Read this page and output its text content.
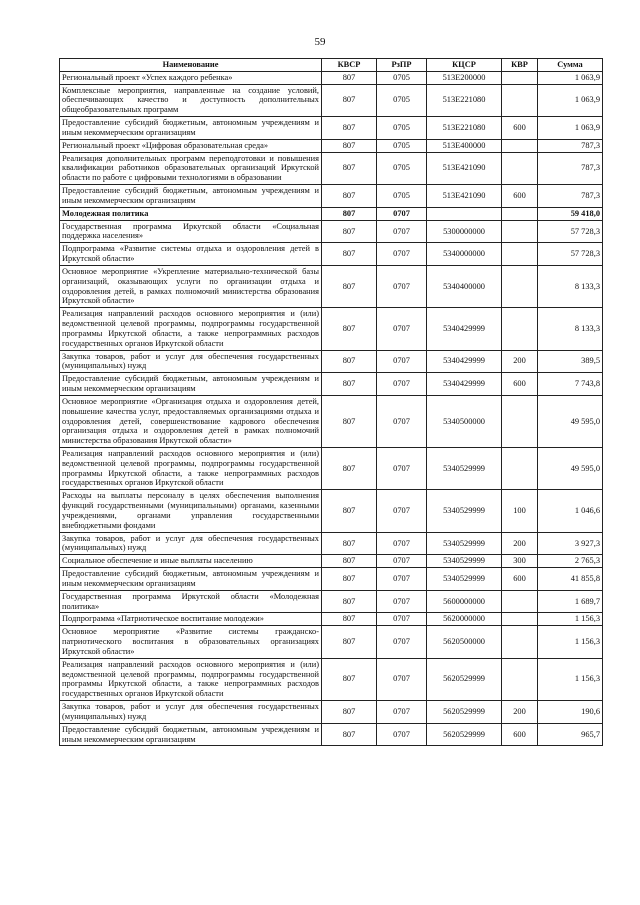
59
Наименование	КВСР	РзПР	КЦСР	КВР	Сумма
Региональный проект «Успех каждого ребенка»	807	0705	513E200000		1 063,9
Комплексные мероприятия, направленные на создание условий, обеспечивающих качество и доступность дополнительных общеобразовательных программ	807	0705	513E221080		1 063,9
Предоставление субсидий бюджетным, автономным учреждениям и иным некоммерческим организациям	807	0705	513E221080	600	1 063,9
Региональный проект «Цифровая образовательная среда»	807	0705	513E400000		787,3
Реализация дополнительных программ переподготовки и повышения квалификации работников образовательных организаций Иркутской области по работе с цифровыми технологиями в образовании	807	0705	513E421090		787,3
Предоставление субсидий бюджетным, автономным учреждениям и иным некоммерческим организациям	807	0705	513E421090	600	787,3
Молодежная политика	807	0707			59 418,0
Государственная программа Иркутской области «Социальная поддержка населения»	807	0707	5300000000		57 728,3
Подпрограмма «Развитие системы отдыха и оздоровления детей в Иркутской области»	807	0707	5340000000		57 728,3
Основное мероприятие «Укрепление материально-технической базы организаций, оказывающих услуги по организации отдыха и оздоровления детей, в рамках полномочий министерства образования Иркутской области»	807	0707	5340400000		8 133,3
Реализация направлений расходов основного мероприятия и (или) ведомственной целевой программы, подпрограммы государственной программы Иркутской области, а также непрограммных расходов государственных органов Иркутской области	807	0707	5340429999		8 133,3
Закупка товаров, работ и услуг для обеспечения государственных (муниципальных) нужд	807	0707	5340429999	200	389,5
Предоставление субсидий бюджетным, автономным учреждениям и иным некоммерческим организациям	807	0707	5340429999	600	7 743,8
Основное мероприятие «Организация отдыха и оздоровления детей, повышение качества услуг, предоставляемых организациями отдыха и оздоровления детей, совершенствование кадрового обеспечения организация отдыха и оздоровления детей в рамках полномочий министерства образования Иркутской области»	807	0707	5340500000		49 595,0
Реализация направлений расходов основного мероприятия и (или) ведомственной целевой программы, подпрограммы государственной программы Иркутской области, а также непрограммных расходов государственных органов Иркутской области	807	0707	5340529999		49 595,0
Расходы на выплаты персоналу в целях обеспечения выполнения функций государственными (муниципальными) органами, казенными учреждениями, органами управления государственными внебюджетными фондами	807	0707	5340529999	100	1 046,6
Закупка товаров, работ и услуг для обеспечения государственных (муниципальных) нужд	807	0707	5340529999	200	3 927,3
Социальное обеспечение и иные выплаты населению	807	0707	5340529999	300	2 765,3
Предоставление субсидий бюджетным, автономным учреждениям и иным некоммерческим организациям	807	0707	5340529999	600	41 855,8
Государственная программа Иркутской области «Молодежная политика»	807	0707	5600000000		1 689,7
Подпрограмма «Патриотическое воспитание молодежи»	807	0707	5620000000		1 156,3
Основное мероприятие «Развитие системы гражданско-патриотического воспитания в образовательных организациях Иркутской области»	807	0707	5620500000		1 156,3
Реализация направлений расходов основного мероприятия и (или) ведомственной целевой программы, подпрограммы государственной программы Иркутской области, а также непрограммных расходов государственных органов Иркутской области	807	0707	5620529999		1 156,3
Закупка товаров, работ и услуг для обеспечения государственных (муниципальных) нужд	807	0707	5620529999	200	190,6
Предоставление субсидий бюджетным, автономным учреждениям и иным некоммерческим организациям	807	0707	5620529999	600	965,7
